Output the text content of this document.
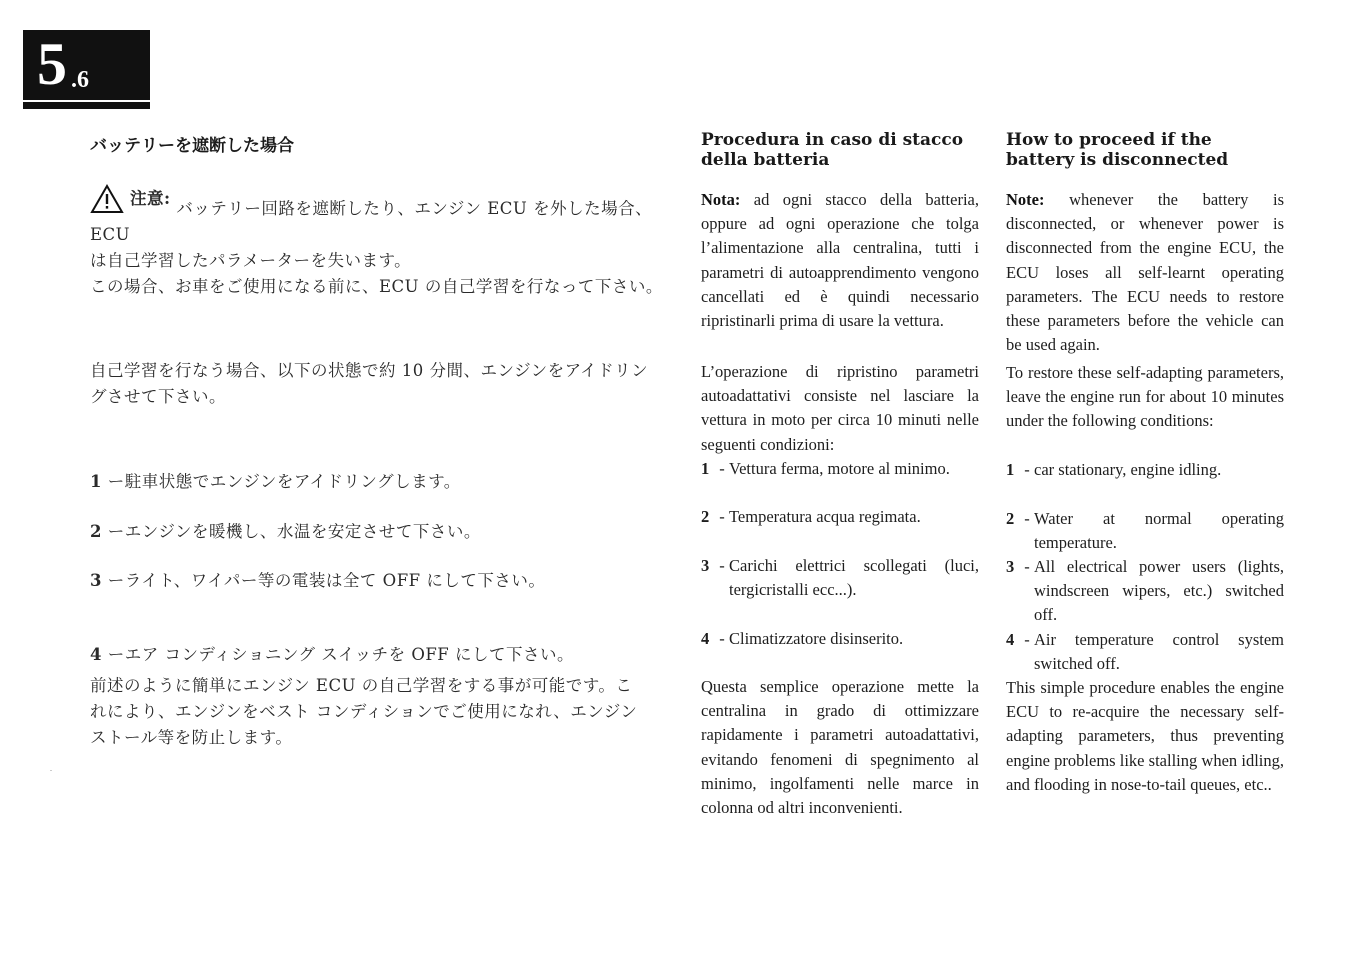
5 .6
バッテリーを遮断した場合

注意:
バッテリー回路を遮断したり、エンジン ECU を外した場合、ECU
は自己学習したパラメーターを失います。
この場合、お車をご使用になる前に、ECU の自己学習を行なって下さい。

自己学習を行なう場合、以下の状態で約 10 分間、エンジンをアイドリン
グさせて下さい。

1 ー駐車状態でエンジンをアイドリングします。

2 ーエンジンを暖機し、水温を安定させて下さい。

3 ーライト、ワイパー等の電装は全て OFF にして下さい。

4 ーエア コンディショニング スイッチを OFF にして下さい。

前述のように簡単にエンジン ECU の自己学習をする事が可能です。こ
れにより、エンジンをベスト コンディションでご使用になれ、エンジン
ストール等を防止します。

Procedura in caso di stacco della batteria

Nota: ad ogni stacco della batteria, oppure ad ogni operazione che tolga l’alimentazione alla centralina, tutti i parametri di autoapprendimento vengono cancellati ed è quindi necessario ripristinarli prima di usare la vettura.

L’operazione di ripristino parametri autoadattativi consiste nel lasciare la vettura in moto per circa 10 minuti nelle seguenti condizioni:

1 - Vettura ferma, motore al minimo.
2 - Temperatura acqua regimata.
3 - Carichi elettrici scollegati (luci, tergicristalli ecc...).
4 - Climatizzatore disinserito.

Questa semplice operazione mette la centralina in grado di ottimizzare rapidamente i parametri autoadattativi, evitando fenomeni di spegnimento al minimo, ingolfamenti nelle marce in colonna od altri inconvenienti.

How to proceed if the battery is disconnected

Note: whenever the battery is disconnected, or whenever power is disconnected from the engine ECU, the ECU loses all self-learnt operating parameters. The ECU needs to restore these parameters before the vehicle can be used again.

To restore these self-adapting parameters, leave the engine run for about 10 minutes under the following conditions:

1 - car stationary, engine idling.
2 - Water at normal operating temperature.
3 - All electrical power users (lights, windscreen wipers, etc.) switched off.
4 - Air temperature control system switched off.

This simple procedure enables the engine ECU to re-acquire the necessary self-adapting parameters, thus preventing engine problems like stalling when idling, and flooding in nose-to-tail queues, etc..
